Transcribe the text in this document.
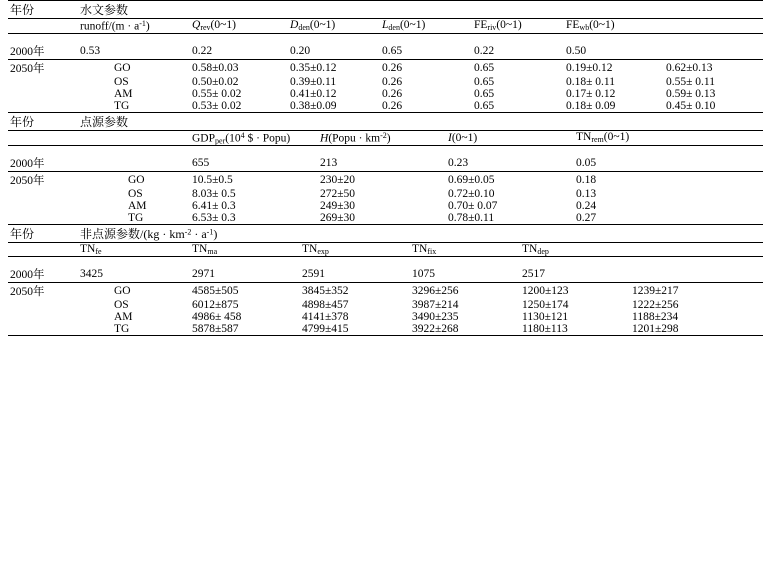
年份	水文参数						
	runoff/(m · $a^{-1}$)	$Q_{rev}(0\sim 1)$	$D_{den}(0\sim 1)$	$L_{den}(0\sim 1)$	$FE_{riv}(0\sim 1)$	$FE_{wb}(0\sim 1)$	
2000年	0.53	0.22	0.20	0.65	0.22	0.50	
2050年	GO	0.58±0.03	0.35±0.12	0.26	0.65	0.19±0.12	0.62±0.13
	OS	0.50±0.02	0.39±0.11	0.26	0.65	0.18± 0.11	0.55± 0.11
	AM	0.55± 0.02	0.41±0.12	0.26	0.65	0.17± 0.12	0.59± 0.13
	TG	0.53± 0.02	0.38±0.09	0.26	0.65	0.18± 0.09	0.45± 0.10
年份	点源参数				
		$GDP_{per}(10^4$ $ · Popu)	H(Popu · $km^{-2}$)	I(0~1)	$TN_{rem}(0\sim 1)$
2000年		655	213	0.23	0.05
2050年	GO	10.5±0.5	230±20	0.69±0.05	0.18
	OS	8.03± 0.5	272±50	0.72±0.10	0.13
	AM	6.41± 0.3	249±30	0.70± 0.07	0.24
	TG	6.53± 0.3	269±30	0.78±0.11	0.27
年份	非点源参数$/(kg \cdot km^{-2} \cdot a^{-1})$					
	$TN_{fe}$	$TN_{ma}$	$TN_{exp}$	$TN_{fix}$	$TN_{dep}$
2000年	3425	2971	2591	1075	2517	
2050年	GO	4585±505	3845±352	3296±256	1200±123	1239±217
	OS	6012±875	4898±457	3987±214	1250±174	1222±256
	AM	4986± 458	4141±378	3490±235	1130±121	1188±234
	TG	5878±587	4799±415	3922±268	1180±113	1201±298
